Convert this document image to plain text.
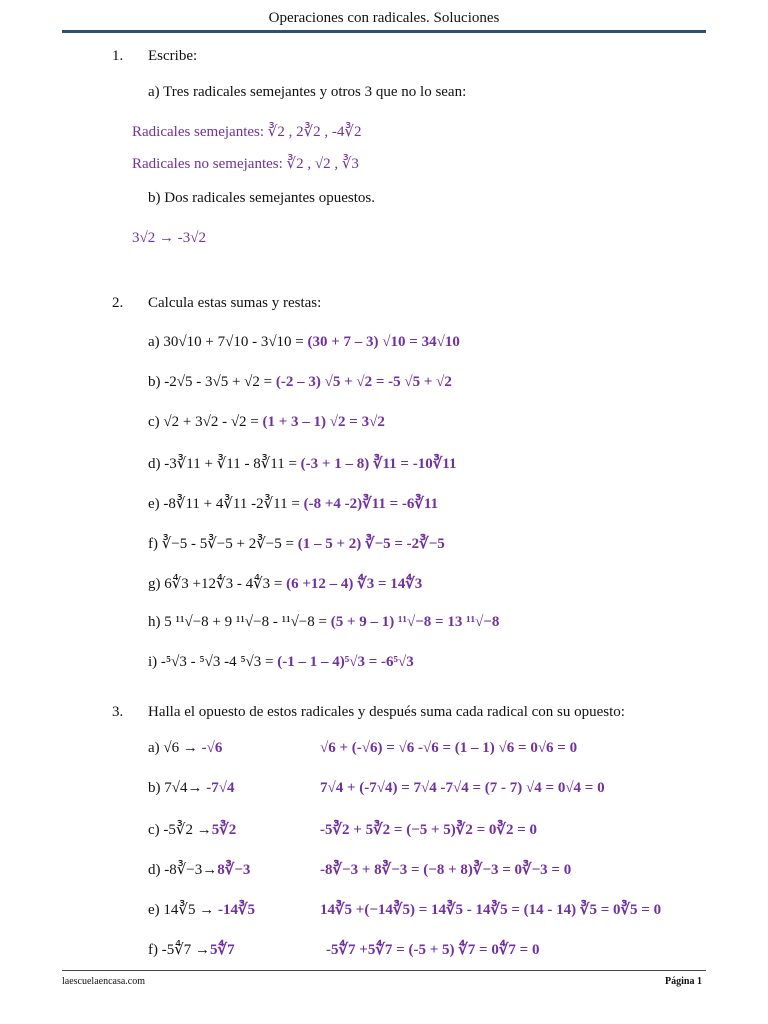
Operaciones con radicales. Soluciones
1. Escribe:
a) Tres radicales semejantes y otros 3 que no lo sean:
Radicales semejantes: ∛2 , 2∛2 , -4∛2
Radicales no semejantes: ∛2 , √2 , ∛3
b) Dos radicales semejantes opuestos.
3√2 → -3√2
2. Calcula estas sumas y restas:
a) 30√10 + 7√10 - 3√10 = (30 + 7 – 3) √10 = 34√10
b) -2√5 - 3√5 + √2 = (-2 – 3) √5 + √2 = -5 √5 + √2
c) √2 + 3√2 - √2 = (1 + 3 – 1) √2 = 3√2
d) -3∛11 + ∛11 - 8∛11 = (-3 + 1 – 8) ∛11 = -10∛11
e) -8∛11 + 4∛11 -2∛11 = (-8 +4 -2)∛11 = -6∛11
f) ∛−5 - 5∛−5 + 2∛−5 = (1 – 5 + 2) ∛−5 = -2∛−5
g) 6∜3 +12∜3 - 4∜3 = (6 +12 – 4) ∜3 = 14∜3
h) 5 ¹¹√−8 + 9 ¹¹√−8 - ¹¹√−8 = (5 + 9 – 1) ¹¹√−8 = 13 ¹¹√−8
i) -⁵√3 - ⁵√3 -4 ⁵√3 = (-1 – 1 – 4)⁵√3 = -6⁵√3
3. Halla el opuesto de estos radicales y después suma cada radical con su opuesto:
a) √6 → -√6	√6 + (-√6) = √6 -√6 = (1 – 1) √6 = 0√6 = 0
b) 7√4→ -7√4	7√4 + (-7√4) = 7√4 -7√4 = (7 - 7) √4 = 0√4 = 0
c) -5∛2 →5∛2	-5∛2 + 5∛2 = (−5 + 5)∛2 = 0∛2 = 0
d) -8∛−3→8∛−3	-8∛−3 + 8∛−3 = (−8 + 8)∛−3 = 0∛−3 = 0
e) 14∛5 → -14∛5	14∛5 +(−14∛5) = 14∛5 - 14∛5 = (14 - 14) ∛5 = 0∛5 = 0
f) -5∜7 →5∜7	-5∜7 +5∜7 = (-5 + 5) ∜7 = 0∜7 = 0
laescuelaencasa.com	Página 1
